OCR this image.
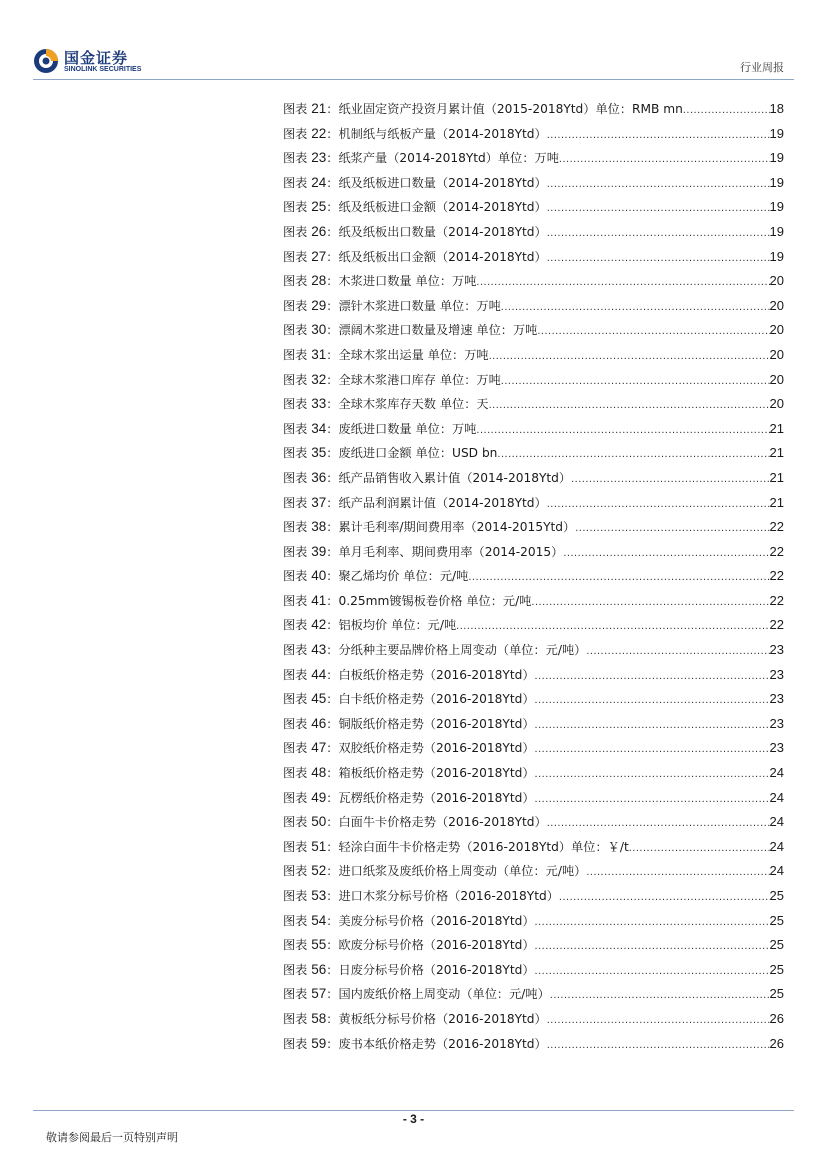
国金证券
SINOLINK SECURITIES	行业周报
图表 21：纸业固定资产投资月累计值（2015-2018Ytd）单位：RMB mn .....	18
图表 22：机制纸与纸板产量（2014-2018Ytd） .....	19
图表 23：纸浆产量（2014-2018Ytd）单位：万吨 .....	19
图表 24：纸及纸板进口数量（2014-2018Ytd） .....	19
图表 25：纸及纸板进口金额（2014-2018Ytd） .....	19
图表 26：纸及纸板出口数量（2014-2018Ytd） .....	19
图表 27：纸及纸板出口金额（2014-2018Ytd） .....	19
图表 28：木浆进口数量 单位：万吨 .....	20
图表 29：漂针木浆进口数量 单位：万吨 .....	20
图表 30：漂阔木浆进口数量及增速 单位：万吨 .....	20
图表 31：全球木浆出运量 单位：万吨 .....	20
图表 32：全球木浆港口库存 单位：万吨 .....	20
图表 33：全球木浆库存天数 单位：天 .....	20
图表 34：废纸进口数量 单位：万吨 .....	21
图表 35：废纸进口金额 单位：USD bn .....	21
图表 36：纸产品销售收入累计值（2014-2018Ytd） .....	21
图表 37：纸产品利润累计值（2014-2018Ytd） .....	21
图表 38：累计毛利率/期间费用率（2014-2015Ytd） .....	22
图表 39：单月毛利率、期间费用率（2014-2015） .....	22
图表 40：聚乙烯均价 单位：元/吨 .....	22
图表 41：0.25mm镀锡板卷价格 单位：元/吨 .....	22
图表 42：铝板均价 单位：元/吨 .....	22
图表 43：分纸种主要品牌价格上周变动（单位：元/吨） .....	23
图表 44：白板纸价格走势（2016-2018Ytd） .....	23
图表 45：白卡纸价格走势（2016-2018Ytd） .....	23
图表 46：铜版纸价格走势（2016-2018Ytd） .....	23
图表 47：双胶纸价格走势（2016-2018Ytd） .....	23
图表 48：箱板纸价格走势（2016-2018Ytd） .....	24
图表 49：瓦楞纸价格走势（2016-2018Ytd） .....	24
图表 50：白面牛卡价格走势（2016-2018Ytd） .....	24
图表 51：轻涂白面牛卡价格走势（2016-2018Ytd）单位：￥/t .....	24
图表 52：进口纸浆及废纸价格上周变动（单位：元/吨） .....	24
图表 53：进口木浆分标号价格（2016-2018Ytd） .....	25
图表 54：美废分标号价格（2016-2018Ytd） .....	25
图表 55：欧废分标号价格（2016-2018Ytd） .....	25
图表 56：日废分标号价格（2016-2018Ytd） .....	25
图表 57：国内废纸价格上周变动（单位：元/吨） .....	25
图表 58：黄板纸分标号价格（2016-2018Ytd） .....	26
图表 59：废书本纸价格走势（2016-2018Ytd） .....	26
- 3 -
敬请参阅最后一页特别声明
